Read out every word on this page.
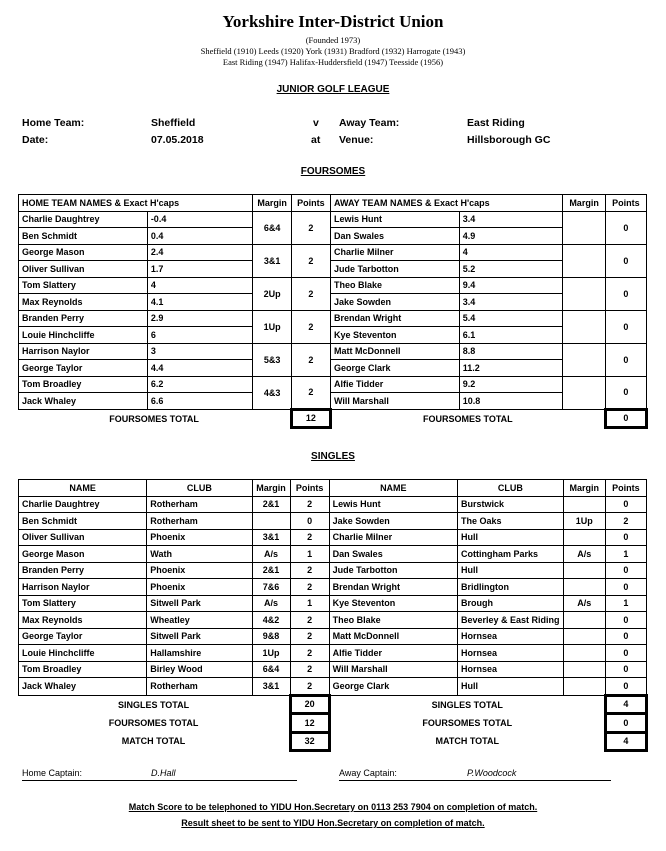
Yorkshire Inter-District Union
(Founded 1973)
Sheffield (1910) Leeds (1920) York (1931) Bradford (1932) Harrogate (1943)
East Riding (1947) Halifax-Huddersfield (1947) Teesside (1956)
JUNIOR GOLF LEAGUE
Home Team:	Sheffield	v Away Team:	East Riding
Date:	07.05.2018	at Venue:	Hillsborough GC
FOURSOMES
HOME TEAM NAMES & Exact H'caps		Margin	Points	AWAY TEAM NAMES & Exact H'caps		Margin	Points
Charlie Daughtrey	-0.4	6&4	2	Lewis Hunt	3.4		0
Ben Schmidt	0.4			Dan Swales	4.9		
George Mason	2.4	3&1	2	Charlie Milner	4		0
Oliver Sullivan	1.7			Jude Tarbotton	5.2		
Tom Slattery	4	2Up	2	Theo Blake	9.4		0
Max Reynolds	4.1			Jake Sowden	3.4		
Branden Perry	2.9	1Up	2	Brendan Wright	5.4		0
Louie Hinchcliffe	6			Kye Steventon	6.1		
Harrison Naylor	3	5&3	2	Matt McDonnell	8.8		0
George Taylor	4.4			George Clark	11.2		
Tom Broadley	6.2	4&3	2	Alfie Tidder	9.2		0
Jack Whaley	6.6			Will Marshall	10.8		
FOURSOMES TOTAL			12	FOURSOMES TOTAL			0
SINGLES
NAME	CLUB	Margin	Points	NAME	CLUB	Margin	Points
Charlie Daughtrey	Rotherham	2&1	2	Lewis Hunt	Burstwick		0
Ben Schmidt	Rotherham		0	Jake Sowden	The Oaks	1Up	2
Oliver Sullivan	Phoenix	3&1	2	Charlie Milner	Hull		0
George Mason	Wath	A/s	1	Dan Swales	Cottingham Parks	A/s	1
Branden Perry	Phoenix	2&1	2	Jude Tarbotton	Hull		0
Harrison Naylor	Phoenix	7&6	2	Brendan Wright	Bridlington		0
Tom Slattery	Sitwell Park	A/s	1	Kye Steventon	Brough	A/s	1
Max Reynolds	Wheatley	4&2	2	Theo Blake	Beverley & East Riding		0
George Taylor	Sitwell Park	9&8	2	Matt McDonnell	Hornsea		0
Louie Hinchcliffe	Hallamshire	1Up	2	Alfie Tidder	Hornsea		0
Tom Broadley	Birley Wood	6&4	2	Will Marshall	Hornsea		0
Jack Whaley	Rotherham	3&1	2	George Clark	Hull		0
SINGLES TOTAL			20	SINGLES TOTAL			4
FOURSOMES TOTAL			12	FOURSOMES TOTAL			0
MATCH TOTAL			32	MATCH TOTAL			4
Home Captain:	D.Hall	Away Captain:	P.Woodcock
Match Score to be telephoned to YIDU Hon.Secretary on 0113 253 7904 on completion of match.
Result sheet to be sent to YIDU Hon.Secretary on completion of match.
